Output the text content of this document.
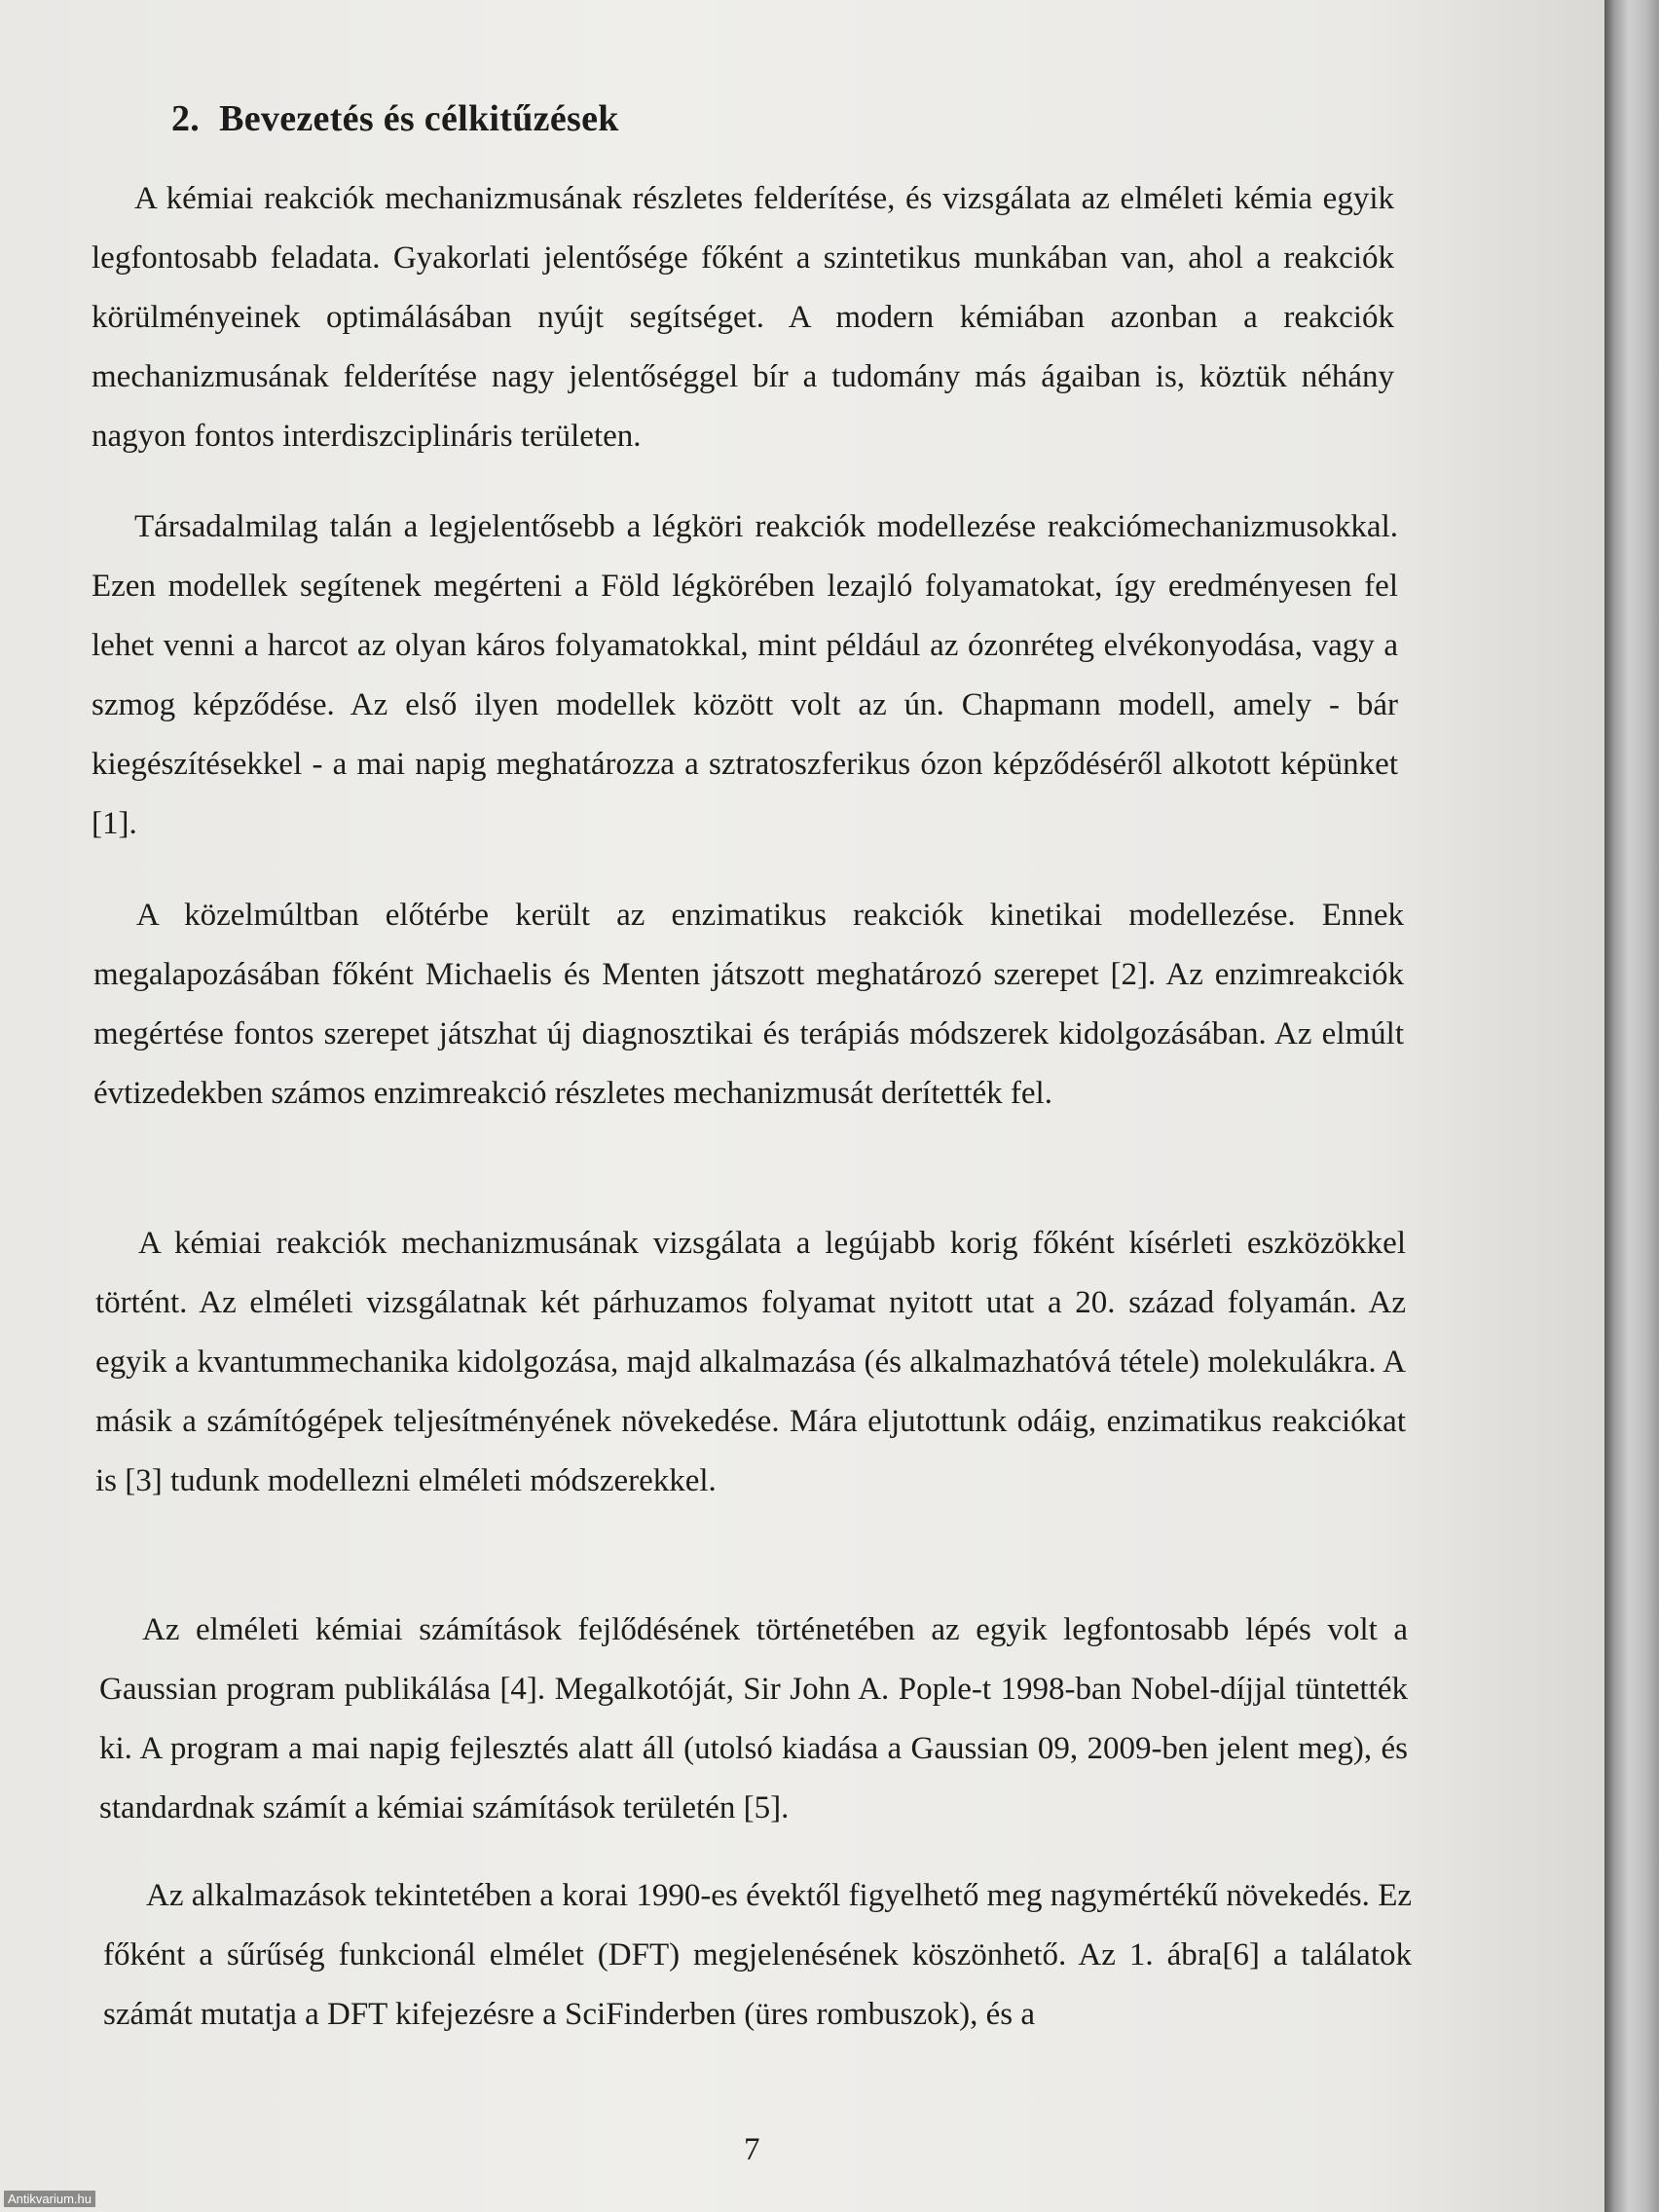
2. Bevezetés és célkitűzések

A kémiai reakciók mechanizmusának részletes felderítése, és vizsgálata az elméleti kémia egyik legfontosabb feladata. Gyakorlati jelentősége főként a szintetikus munkában van, ahol a reakciók körülményeinek optimálásában nyújt segítséget. A modern kémiában azonban a reakciók mechanizmusának felderítése nagy jelentőséggel bír a tudomány más ágaiban is, köztük néhány nagyon fontos interdiszciplináris területen.

Társadalmilag talán a legjelentősebb a légköri reakciók modellezése reakciómechanizmusokkal. Ezen modellek segítenek megérteni a Föld légkörében lezajló folyamatokat, így eredményesen fel lehet venni a harcot az olyan káros folyamatokkal, mint például az ózonréteg elvékonyodása, vagy a szmog képződése. Az első ilyen modellek között volt az ún. Chapmann modell, amely - bár kiegészítésekkel - a mai napig meghatározza a sztratoszferikus ózon képződéséről alkotott képünket [1].

A közelmúltban előtérbe került az enzimatikus reakciók kinetikai modellezése. Ennek megalapozásában főként Michaelis és Menten játszott meghatározó szerepet [2]. Az enzimreakciók megértése fontos szerepet játszhat új diagnosztikai és terápiás módszerek kidolgozásában. Az elmúlt évtizedekben számos enzimreakció részletes mechanizmusát derítették fel.

A kémiai reakciók mechanizmusának vizsgálata a legújabb korig főként kísérleti eszközökkel történt. Az elméleti vizsgálatnak két párhuzamos folyamat nyitott utat a 20. század folyamán. Az egyik a kvantummechanika kidolgozása, majd alkalmazása (és alkalmazhatóvá tétele) molekulákra. A másik a számítógépek teljesítményének növekedése. Mára eljutottunk odáig, enzimatikus reakciókat is [3] tudunk modellezni elméleti módszerekkel.

Az elméleti kémiai számítások fejlődésének történetében az egyik legfontosabb lépés volt a Gaussian program publikálása [4]. Megalkotóját, Sir John A. Pople-t 1998-ban Nobel-díjjal tüntették ki. A program a mai napig fejlesztés alatt áll (utolsó kiadása a Gaussian 09, 2009-ben jelent meg), és standardnak számít a kémiai számítások területén [5].

Az alkalmazások tekintetében a korai 1990-es évektől figyelhető meg nagymértékű növekedés. Ez főként a sűrűség funkcionál elmélet (DFT) megjelenésének köszönhető. Az 1. ábra[6] a találatok számát mutatja a DFT kifejezésre a SciFinderben (üres rombuszok), és a

7

Antikvarium.hu
